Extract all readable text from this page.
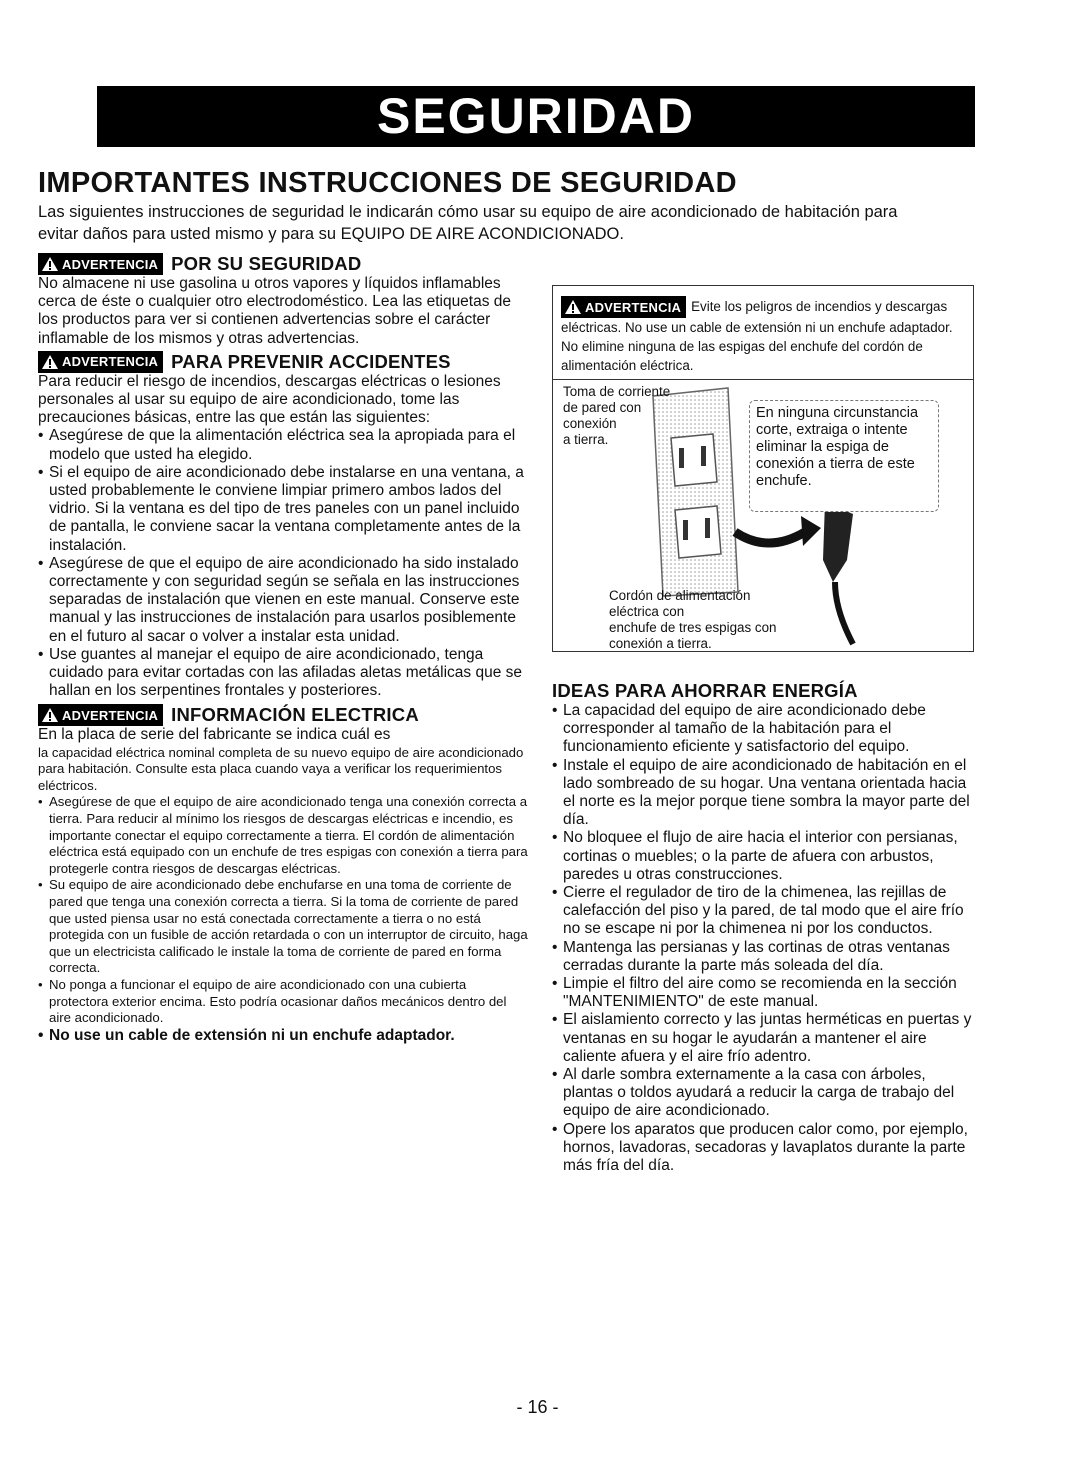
SEGURIDAD
IMPORTANTES INSTRUCCIONES DE SEGURIDAD

Las siguientes instrucciones de seguridad le indicarán cómo usar su equipo de aire acondicionado de habitación para evitar daños para usted mismo y para su EQUIPO DE AIRE ACONDICIONADO.

ADVERTENCIA POR SU SEGURIDAD

No almacene ni use gasolina u otros vapores y líquidos inflamables cerca de éste o cualquier otro electrodoméstico. Lea las etiquetas de los productos para ver si contienen advertencias sobre el carácter inflamable de los mismos y otras advertencias.

ADVERTENCIA PARA PREVENIR ACCIDENTES

Para reducir el riesgo de incendios, descargas eléctricas o lesiones personales al usar su equipo de aire acondicionado, tome las precauciones básicas, entre las que están las siguientes:

• Asegúrese de que la alimentación eléctrica sea la apropiada para el modelo que usted ha elegido.
• Si el equipo de aire acondicionado debe instalarse en una ventana, a usted probablemente le conviene limpiar primero ambos lados del vidrio. Si la ventana es del tipo de tres paneles con un panel incluido de pantalla, le conviene sacar la ventana completamente antes de la instalación.
• Asegúrese de que el equipo de aire acondicionado ha sido instalado correctamente y con seguridad según se señala en las instrucciones separadas de instalación que vienen en este manual. Conserve este manual y las instrucciones de instalación para usarlos posiblemente en el futuro al sacar o volver a instalar esta unidad.
• Use guantes al manejar el equipo de aire acondicionado, tenga cuidado para evitar cortadas con las afiladas aletas metálicas que se hallan en los serpentines frontales y posteriores.
ADVERTENCIA INFORMACIÓN ELECTRICA

En la placa de serie del fabricante se indica cuál es

la capacidad eléctrica nominal completa de su nuevo equipo de aire acondicionado para habitación. Consulte esta placa cuando vaya a verificar los requerimientos eléctricos.

• Asegúrese de que el equipo de aire acondicionado tenga una conexión correcta a tierra. Para reducir al mínimo los riesgos de descargas eléctricas e incendio, es importante conectar el equipo correctamente a tierra. El cordón de alimentación eléctrica está equipado con un enchufe de tres espigas con conexión a tierra para protegerle contra riesgos de descargas eléctricas.
• Su equipo de aire acondicionado debe enchufarse en una toma de corriente de pared que tenga una conexión correcta a tierra. Si la toma de corriente de pared que usted piensa usar no está conectada correctamente a tierra o no está protegida con un fusible de acción retardada o con un interruptor de circuito, haga que un electricista calificado le instale la toma de corriente de pared en forma correcta.
• No ponga a funcionar el equipo de aire acondicionado con una cubierta protectora exterior encima. Esto podría ocasionar daños mecánicos dentro del aire acondicionado.
• No use un cable de extensión ni un enchufe adaptador.
ADVERTENCIA Evite los peligros de incendios y descargas eléctricas. No use un cable de extensión ni un enchufe adaptador. No elimine ninguna de las espigas del enchufe del cordón de alimentación eléctrica.
Toma de corriente
de pared con
conexión
a tierra.
En ninguna circunstancia corte, extraiga o intente eliminar la espiga de conexión a tierra de este enchufe.
Cordón de alimentación
eléctrica con
enchufe de tres espigas con
conexión a tierra.
IDEAS PARA AHORRAR ENERGÍA
• La capacidad del equipo de aire acondicionado debe corresponder al tamaño de la habitación para el funcionamiento eficiente y satisfactorio del equipo.
• Instale el equipo de aire acondicionado de habitación en el lado sombreado de su hogar. Una ventana orientada hacia el norte es la mejor porque tiene sombra la mayor parte del día.
• No bloquee el flujo de aire hacia el interior con persianas, cortinas o muebles; o la parte de afuera con arbustos, paredes u otras construcciones.
• Cierre el regulador de tiro de la chimenea, las rejillas de calefacción del piso y la pared, de tal modo que el aire frío no se escape ni por la chimenea ni por los conductos.
• Mantenga las persianas y las cortinas de otras ventanas cerradas durante la parte más soleada del día.
• Limpie el filtro del aire como se recomienda en la sección "MANTENIMIENTO" de este manual.
• El aislamiento correcto y las juntas herméticas en puertas y ventanas en su hogar le ayudarán a mantener el aire caliente afuera y el aire frío adentro.
• Al darle sombra externamente a la casa con árboles, plantas o toldos ayudará a reducir la carga de trabajo del equipo de aire acondicionado.
• Opere los aparatos que producen calor como, por ejemplo, hornos, lavadoras, secadoras y lavaplatos durante la parte más fría del día.
- 16 -
